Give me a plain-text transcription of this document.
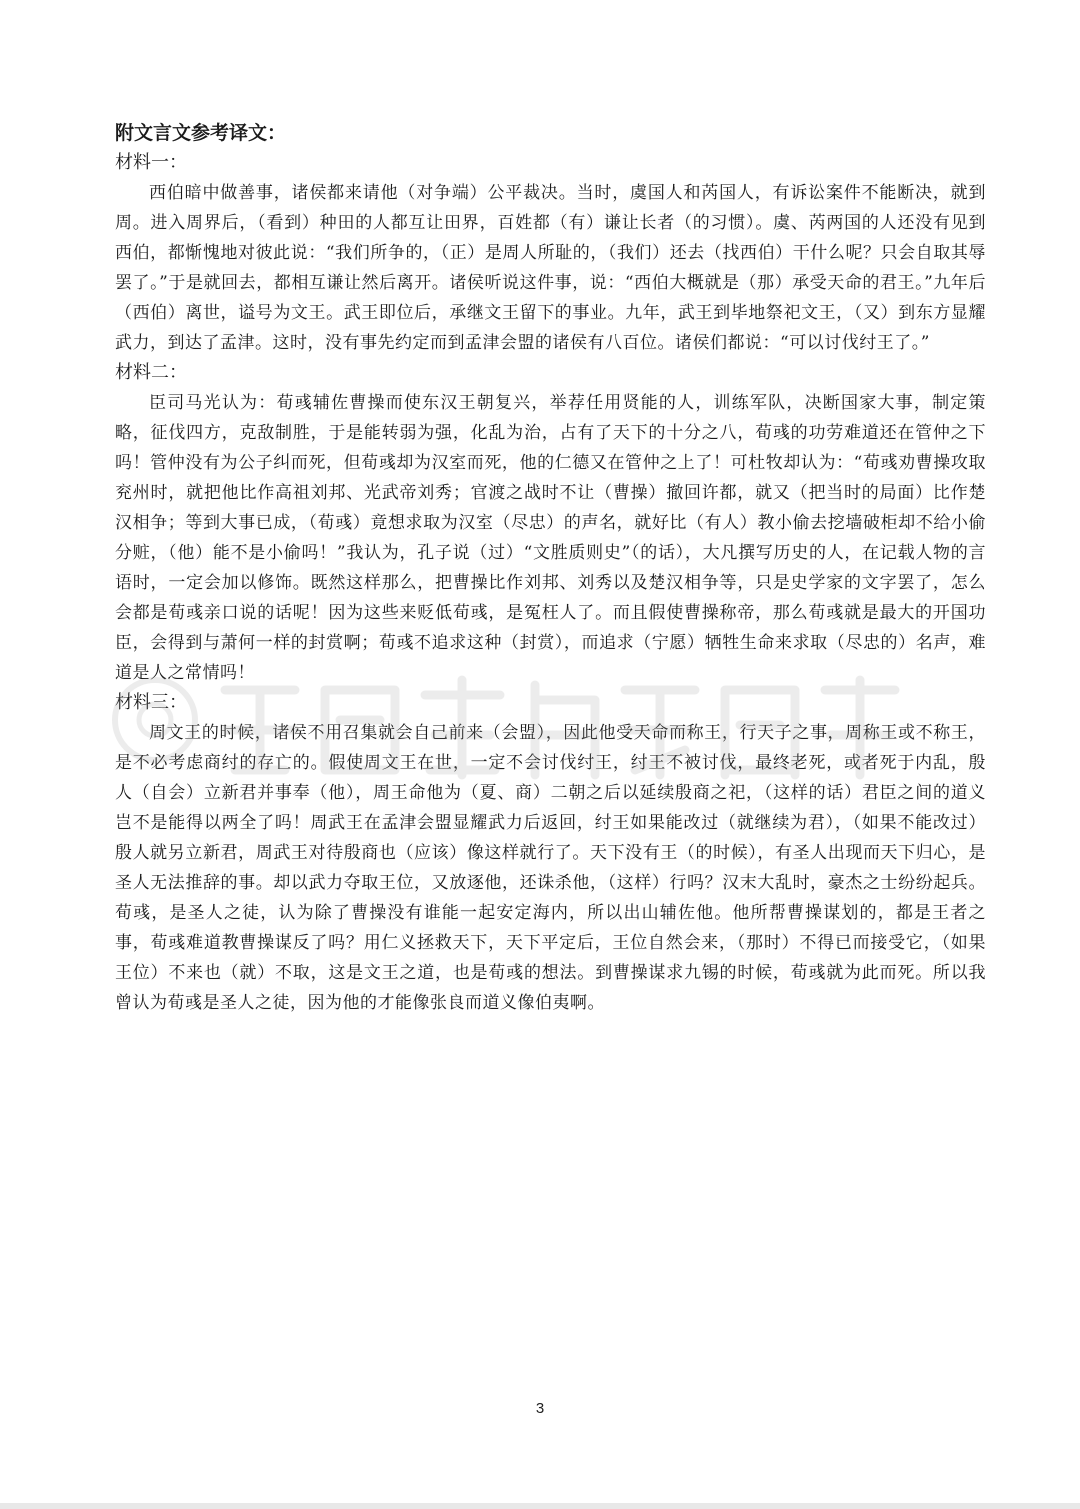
附文言文参考译文：

材料一：

西伯暗中做善事，诸侯都来请他（对争端）公平裁决。当时，虞国人和芮国人，有诉讼案件不能断决，就到周。进入周界后，（看到）种田的人都互让田界，百姓都（有）谦让长者（的习惯）。虞、芮两国的人还没有见到西伯，都惭愧地对彼此说：“我们所争的，（正）是周人所耻的，（我们）还去（找西伯）干什么呢？只会自取其辱罢了。”于是就回去，都相互谦让然后离开。诸侯听说这件事，说：“西伯大概就是（那）承受天命的君王。”九年后（西伯）离世，谥号为文王。武王即位后，承继文王留下的事业。九年，武王到毕地祭祀文王，（又）到东方显耀武力，到达了孟津。这时，没有事先约定而到孟津会盟的诸侯有八百位。诸侯们都说：“可以讨伐纣王了。”

材料二：

臣司马光认为：荀彧辅佐曹操而使东汉王朝复兴，举荐任用贤能的人，训练军队，决断国家大事，制定策略，征伐四方，克敌制胜，于是能转弱为强，化乱为治，占有了天下的十分之八，荀彧的功劳难道还在管仲之下吗！管仲没有为公子纠而死，但荀彧却为汉室而死，他的仁德又在管仲之上了！可杜牧却认为：“荀彧劝曹操攻取兖州时，就把他比作高祖刘邦、光武帝刘秀；官渡之战时不让（曹操）撤回许都，就又（把当时的局面）比作楚汉相争；等到大事已成，（荀彧）竟想求取为汉室（尽忠）的声名，就好比（有人）教小偷去挖墙破柜却不给小偷分赃，（他）能不是小偷吗！”我认为，孔子说（过）“文胜质则史”（的话），大凡撰写历史的人，在记载人物的言语时，一定会加以修饰。既然这样那么，把曹操比作刘邦、刘秀以及楚汉相争等，只是史学家的文字罢了，怎么会都是荀彧亲口说的话呢！因为这些来贬低荀彧，是冤枉人了。而且假使曹操称帝，那么荀彧就是最大的开国功臣，会得到与萧何一样的封赏啊；荀彧不追求这种（封赏），而追求（宁愿）牺牲生命来求取（尽忠的）名声，难道是人之常情吗！

材料三：

周文王的时候，诸侯不用召集就会自己前来（会盟），因此他受天命而称王，行天子之事，周称王或不称王，是不必考虑商纣的存亡的。假使周文王在世，一定不会讨伐纣王，纣王不被讨伐，最终老死，或者死于内乱，殷人（自会）立新君并事奉（他），周王命他为（夏、商）二朝之后以延续殷商之祀，（这样的话）君臣之间的道义岂不是能得以两全了吗！周武王在孟津会盟显耀武力后返回，纣王如果能改过（就继续为君），（如果不能改过）殷人就另立新君，周武王对待殷商也（应该）像这样就行了。天下没有王（的时候），有圣人出现而天下归心，是圣人无法推辞的事。却以武力夺取王位，又放逐他，还诛杀他，（这样）行吗？汉末大乱时，豪杰之士纷纷起兵。荀彧，是圣人之徒，认为除了曹操没有谁能一起安定海内，所以出山辅佐他。他所帮曹操谋划的，都是王者之事，荀彧难道教曹操谋反了吗？用仁义拯救天下，天下平定后，王位自然会来，（那时）不得已而接受它，（如果王位）不来也（就）不取，这是文王之道，也是荀彧的想法。到曹操谋求九锡的时候，荀彧就为此而死。所以我曾认为荀彧是圣人之徒，因为他的才能像张良而道义像伯夷啊。

3
